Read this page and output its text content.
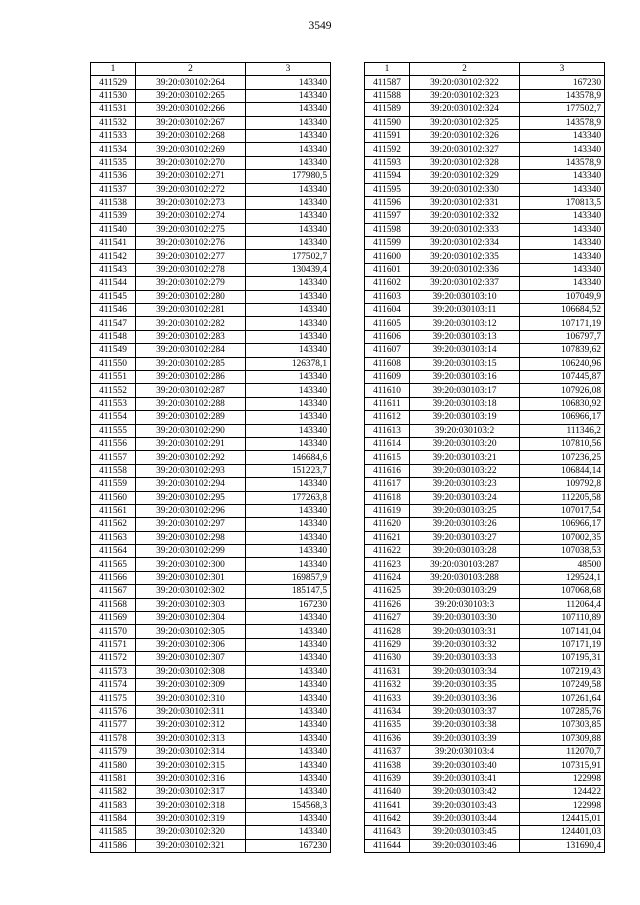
3549
1	2	3
411529	39:20:030102:264	143340
411530	39:20:030102:265	143340
411531	39:20:030102:266	143340
411532	39:20:030102:267	143340
411533	39:20:030102:268	143340
411534	39:20:030102:269	143340
411535	39:20:030102:270	143340
411536	39:20:030102:271	177980,5
411537	39:20:030102:272	143340
411538	39:20:030102:273	143340
411539	39:20:030102:274	143340
411540	39:20:030102:275	143340
411541	39:20:030102:276	143340
411542	39:20:030102:277	177502,7
411543	39:20:030102:278	130439,4
411544	39:20:030102:279	143340
411545	39:20:030102:280	143340
411546	39:20:030102:281	143340
411547	39:20:030102:282	143340
411548	39:20:030102:283	143340
411549	39:20:030102:284	143340
411550	39:20:030102:285	126378,1
411551	39:20:030102:286	143340
411552	39:20:030102:287	143340
411553	39:20:030102:288	143340
411554	39:20:030102:289	143340
411555	39:20:030102:290	143340
411556	39:20:030102:291	143340
411557	39:20:030102:292	146684,6
411558	39:20:030102:293	151223,7
411559	39:20:030102:294	143340
411560	39:20:030102:295	177263,8
411561	39:20:030102:296	143340
411562	39:20:030102:297	143340
411563	39:20:030102:298	143340
411564	39:20:030102:299	143340
411565	39:20:030102:300	143340
411566	39:20:030102:301	169857,9
411567	39:20:030102:302	185147,5
411568	39:20:030102:303	167230
411569	39:20:030102:304	143340
411570	39:20:030102:305	143340
411571	39:20:030102:306	143340
411572	39:20:030102:307	143340
411573	39:20:030102:308	143340
411574	39:20:030102:309	143340
411575	39:20:030102:310	143340
411576	39:20:030102:311	143340
411577	39:20:030102:312	143340
411578	39:20:030102:313	143340
411579	39:20:030102:314	143340
411580	39:20:030102:315	143340
411581	39:20:030102:316	143340
411582	39:20:030102:317	143340
411583	39:20:030102:318	154568,3
411584	39:20:030102:319	143340
411585	39:20:030102:320	143340
411586	39:20:030102:321	167230
1	2	3
411587	39:20:030102:322	167230
411588	39:20:030102:323	143578,9
411589	39:20:030102:324	177502,7
411590	39:20:030102:325	143578,9
411591	39:20:030102:326	143340
411592	39:20:030102:327	143340
411593	39:20:030102:328	143578,9
411594	39:20:030102:329	143340
411595	39:20:030102:330	143340
411596	39:20:030102:331	170813,5
411597	39:20:030102:332	143340
411598	39:20:030102:333	143340
411599	39:20:030102:334	143340
411600	39:20:030102:335	143340
411601	39:20:030102:336	143340
411602	39:20:030102:337	143340
411603	39:20:030103:10	107049,9
411604	39:20:030103:11	106684,52
411605	39:20:030103:12	107171,19
411606	39:20:030103:13	106797,7
411607	39:20:030103:14	107839,62
411608	39:20:030103:15	106240,96
411609	39:20:030103:16	107445,87
411610	39:20:030103:17	107926,08
411611	39:20:030103:18	106830,92
411612	39:20:030103:19	106966,17
411613	39:20:030103:2	111346,2
411614	39:20:030103:20	107810,56
411615	39:20:030103:21	107236,25
411616	39:20:030103:22	106844,14
411617	39:20:030103:23	109792,8
411618	39:20:030103:24	112205,58
411619	39:20:030103:25	107017,54
411620	39:20:030103:26	106966,17
411621	39:20:030103:27	107002,35
411622	39:20:030103:28	107038,53
411623	39:20:030103:287	48500
411624	39:20:030103:288	129524,1
411625	39:20:030103:29	107068,68
411626	39:20:030103:3	112064,4
411627	39:20:030103:30	107110,89
411628	39:20:030103:31	107141,04
411629	39:20:030103:32	107171,19
411630	39:20:030103:33	107195,31
411631	39:20:030103:34	107219,43
411632	39:20:030103:35	107249,58
411633	39:20:030103:36	107261,64
411634	39:20:030103:37	107285,76
411635	39:20:030103:38	107303,85
411636	39:20:030103:39	107309,88
411637	39:20:030103:4	112070,7
411638	39:20:030103:40	107315,91
411639	39:20:030103:41	122998
411640	39:20:030103:42	124422
411641	39:20:030103:43	122998
411642	39:20:030103:44	124415,01
411643	39:20:030103:45	124401,03
411644	39:20:030103:46	131690,4
